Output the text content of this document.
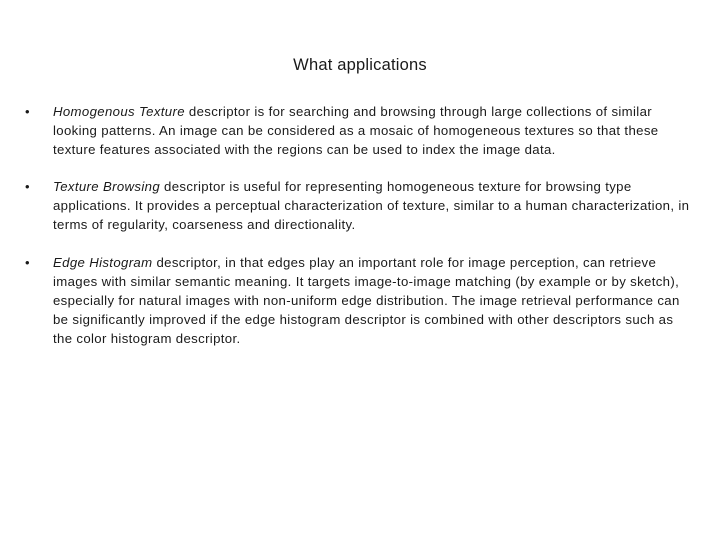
What applications
•	Homogenous Texture descriptor is for searching and browsing through large collections of similar looking patterns. An image can be considered as a mosaic of homogeneous textures so that these texture features associated with the regions can be used to index the image data.
•	Texture Browsing descriptor is useful for representing homogeneous texture for browsing type applications. It provides a perceptual characterization of texture, similar to a human characterization, in terms of regularity, coarseness and directionality.
•	Edge Histogram descriptor, in that edges play an important role for image perception, can retrieve images with similar semantic meaning. It targets image-to-image matching (by example or by sketch), especially for natural images with non-uniform edge distribution. The image retrieval performance can be significantly improved if the edge histogram descriptor is combined with other descriptors such as the color histogram descriptor.
